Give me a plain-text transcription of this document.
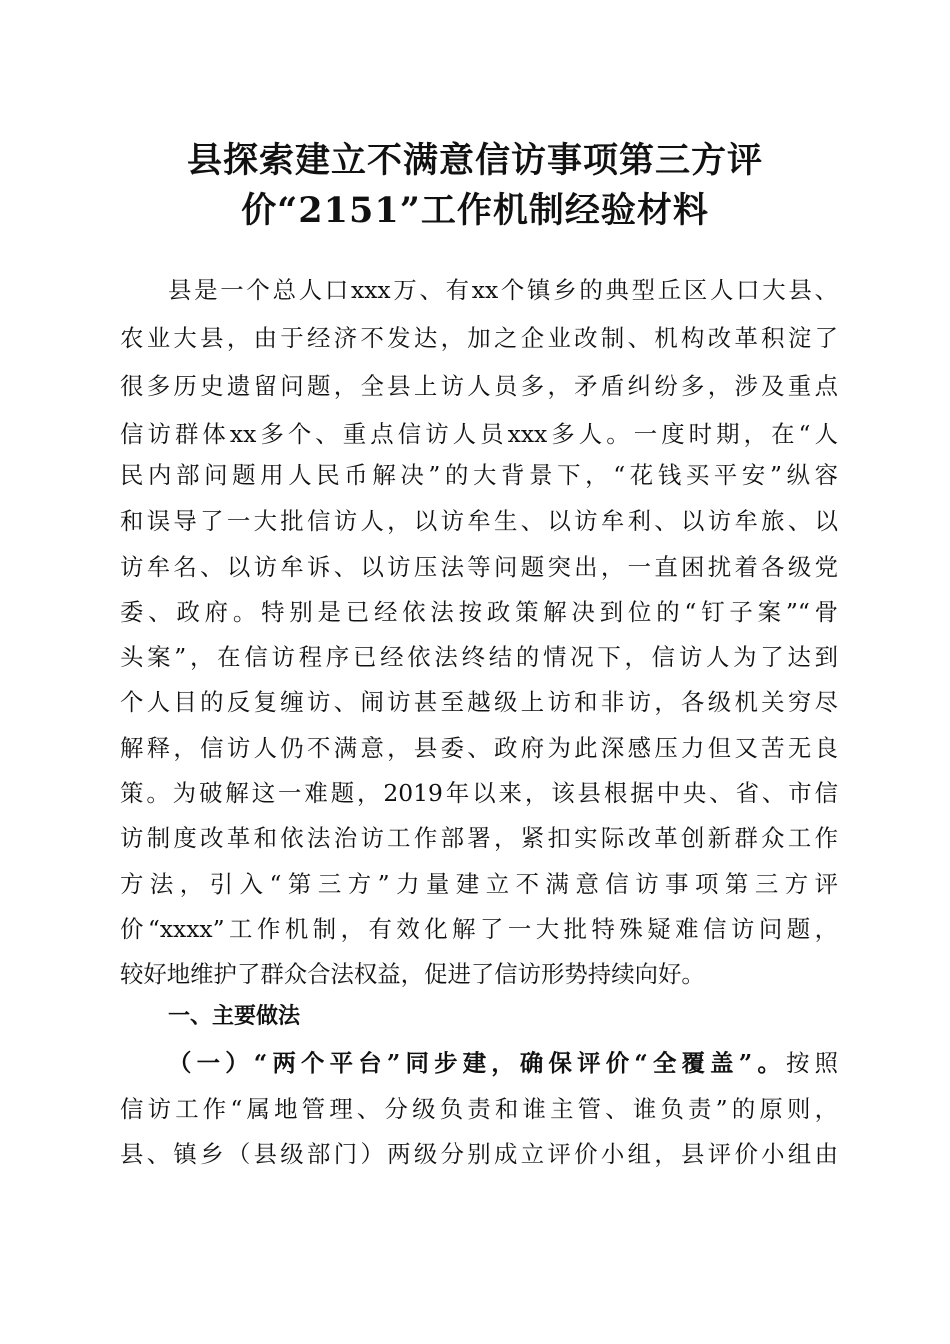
县探索建立不满意信访事项第三方评
价“2151”工作机制经验材料
县是一个总人口xxx万、有xx个镇乡的典型丘区人口大县、
农业大县，由于经济不发达，加之企业改制、机构改革积淀了
很多历史遗留问题，全县上访人员多，矛盾纠纷多，涉及重点
信访群体xx多个、重点信访人员xxx多人。一度时期，在“人
民内部问题用人民币解决”的大背景下，“花钱买平安”纵容
和误导了一大批信访人，以访牟生、以访牟利、以访牟旅、以
访牟名、以访牟诉、以访压法等问题突出，一直困扰着各级党
委、政府。特别是已经依法按政策解决到位的“钉子案”“骨
头案”，在信访程序已经依法终结的情况下，信访人为了达到
个人目的反复缠访、闹访甚至越级上访和非访，各级机关穷尽
解释，信访人仍不满意，县委、政府为此深感压力但又苦无良
策。为破解这一难题，2019年以来，该县根据中央、省、市信
访制度改革和依法治访工作部署，紧扣实际改革创新群众工作
方法，引入“第三方”力量建立不满意信访事项第三方评
价“xxxx”工作机制，有效化解了一大批特殊疑难信访问题，
较好地维护了群众合法权益，促进了信访形势持续向好。
一、主要做法
（一）“两个平台”同步建，确保评价“全覆盖”。按照
信访工作“属地管理、分级负责和谁主管、谁负责”的原则，
县、镇乡（县级部门）两级分别成立评价小组，县评价小组由
